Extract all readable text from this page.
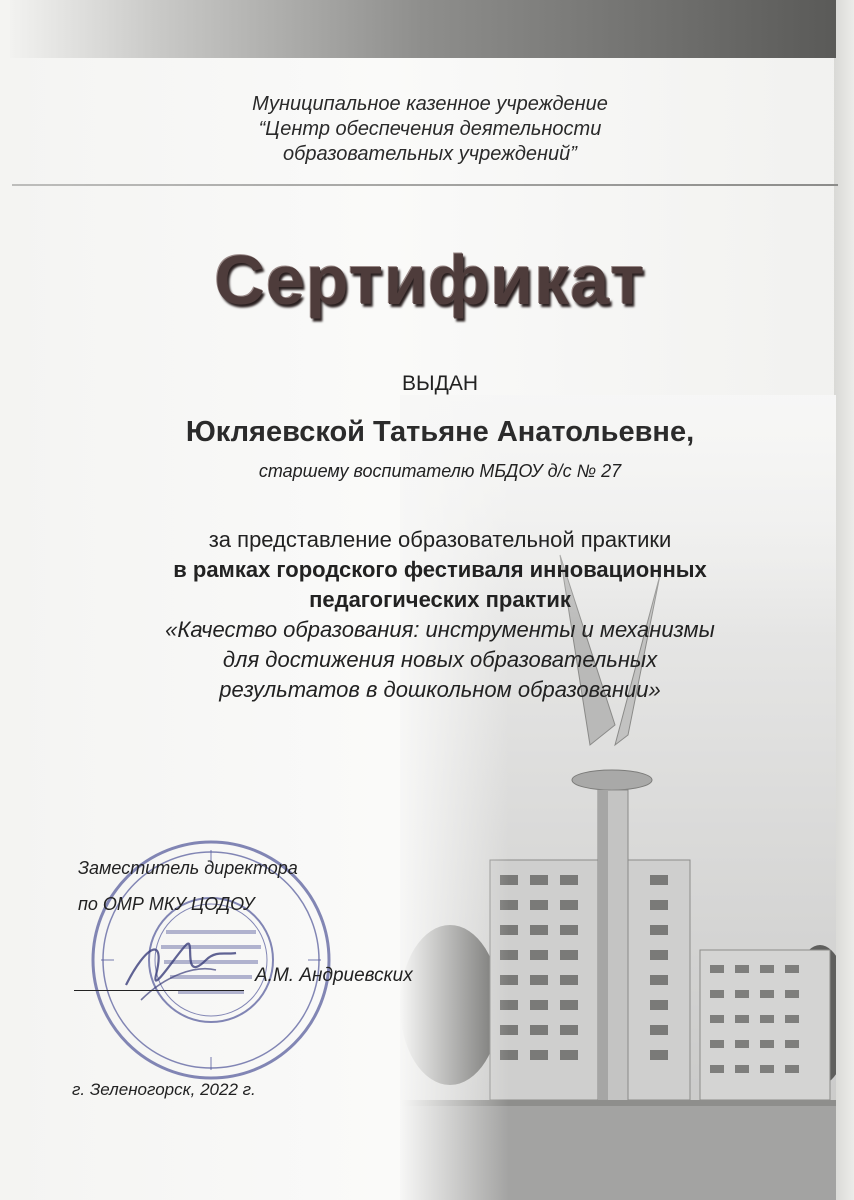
Муниципальное казенное учреждение
“Центр обеспечения деятельности
образовательных учреждений”
Сертификат
ВЫДАН
Юкляевской Татьяне Анатольевне,
старшему воспитателю МБДОУ д/с № 27
за представление образовательной практики
в рамках городского фестиваля инновационных
педагогических практик
«Качество образования: инструменты и механизмы
для достижения новых образовательных
результатов в дошкольном образовании»
Заместитель директора
по ОМР МКУ ЦОДОУ
А.М. Андриевских
г. Зеленогорск, 2022 г.
